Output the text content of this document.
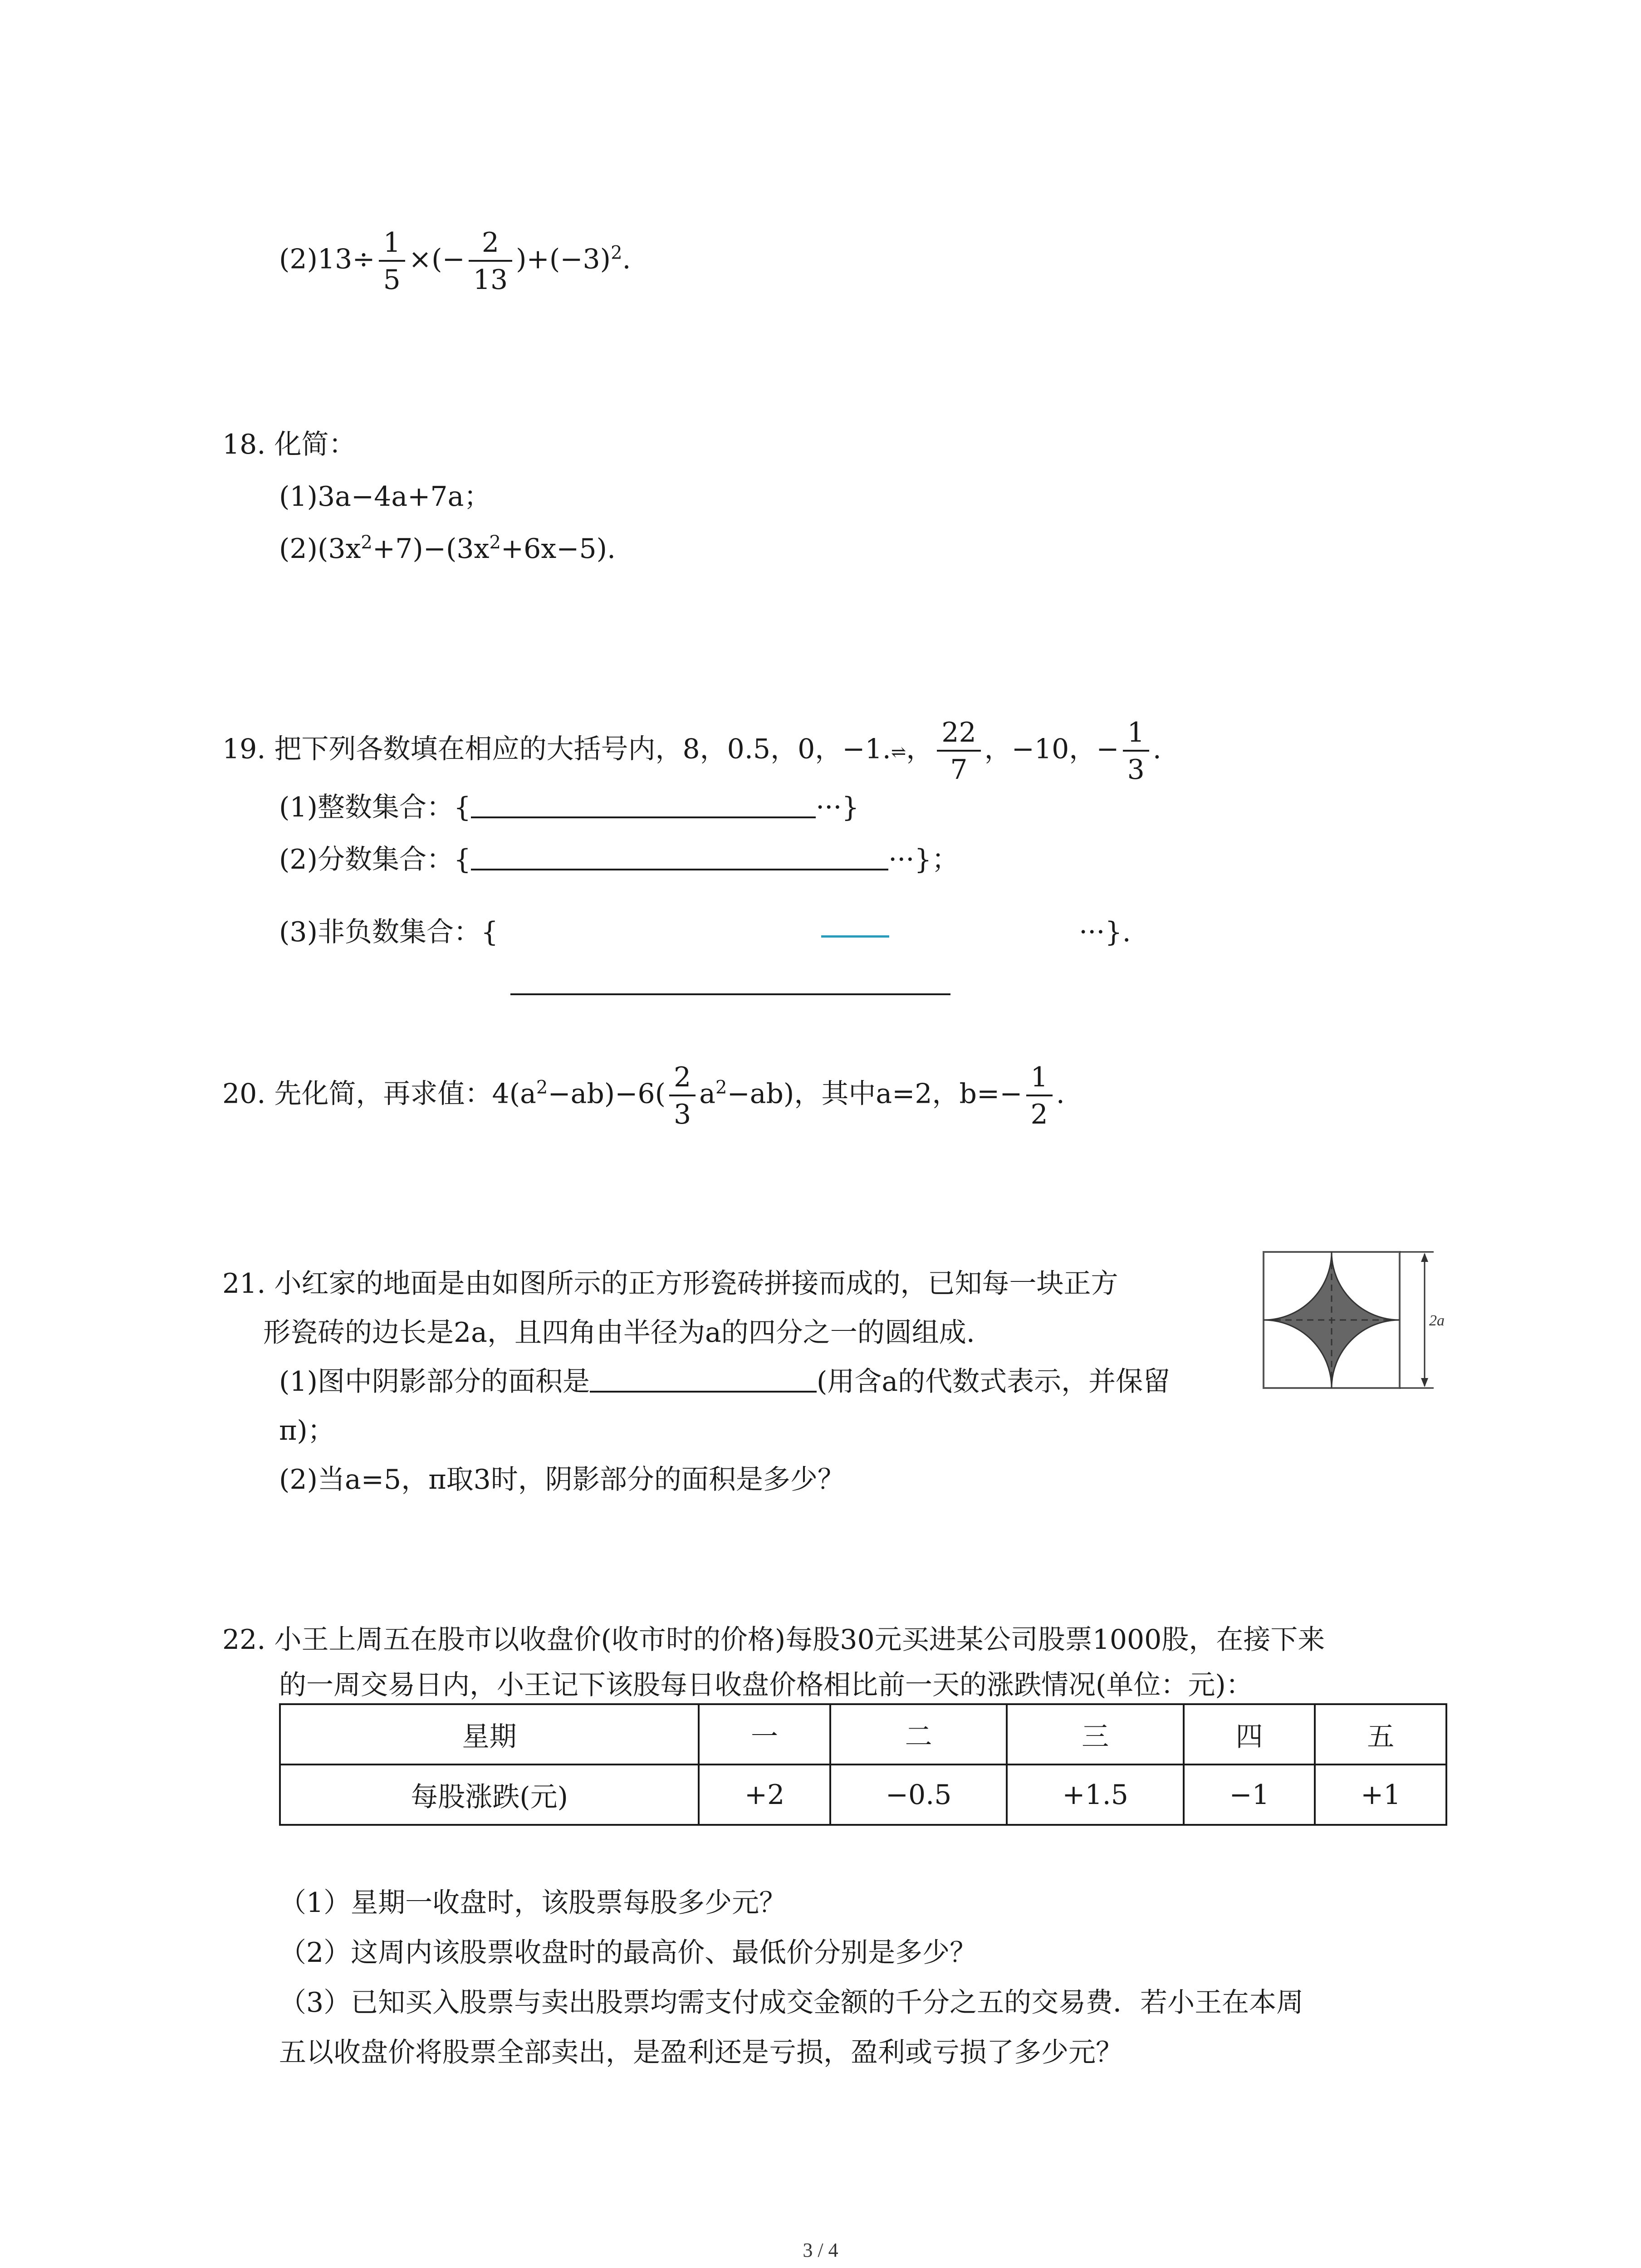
$(2)13\div \frac{1}{5}$ ×(− $\frac{2}{13} )+(-3)^2$.
18. 化简：
(1)3a−4a+7a；
$(2)(3x^2+7)-(3x^2+6x-5)$.
19. 把下列各数填在相应的大括号内，8，0.5，0，−1.⇌， $\frac{22}{7}$ ，−10，− $\frac{1}{3}$ .
(1)整数集合：{	···}
(2)分数集合：{	···}；
(3)非负数集合：{	···}.
20. 先化简，再求值：$4(a^2-ab)-6( \frac{2}{3} a^2-ab)$，其中a=2，$b=- \frac{1}{2}$ .
21. 小红家的地面是由如图所示的正方形瓷砖拼接而成的，已知每一块正方
形瓷砖的边长是2a，且四角由半径为a的四分之一的圆组成.
(1)图中阴影部分的面积是	(用含a的代数式表示，并保留
π)；
(2)当a=5，π取3时，阴影部分的面积是多少？
2a
22. 小王上周五在股市以收盘价(收市时的价格)每股30元买进某公司股票1000股，在接下来
的一周交易日内，小王记下该股每日收盘价格相比前一天的涨跌情况(单位：元)：
星期	一	二	三	四	五
每股涨跌(元)	+2	−0.5	+1.5	−1	+1
（1）星期一收盘时，该股票每股多少元？
（2）这周内该股票收盘时的最高价、最低价分别是多少？
（3）已知买入股票与卖出股票均需支付成交金额的千分之五的交易费．若小王在本周
五以收盘价将股票全部卖出，是盈利还是亏损，盈利或亏损了多少元？
3 / 4
